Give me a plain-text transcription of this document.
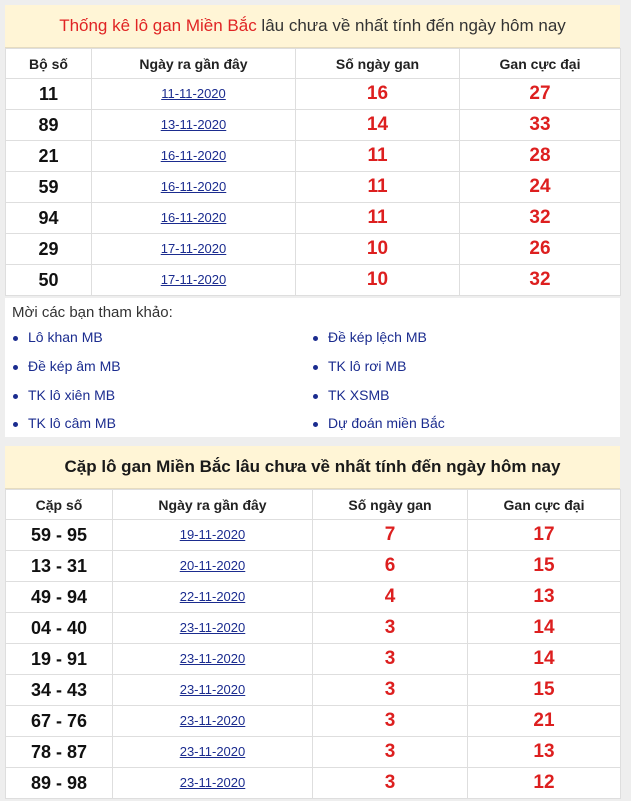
Thống kê lô gan Miền Bắc lâu chưa về nhất tính đến ngày hôm nay
Bộ số	Ngày ra gần đây	Số ngày gan	Gan cực đại
11	11-11-2020	16	27
89	13-11-2020	14	33
21	16-11-2020	11	28
59	16-11-2020	11	24
94	16-11-2020	11	32
29	17-11-2020	10	26
50	17-11-2020	10	32
Mời các bạn tham khảo:
Lô khan MB
Đề kép âm MB
TK lô xiên MB
TK lô câm MB
Đề kép lệch MB
TK lô rơi MB
TK XSMB
Dự đoán miền Bắc
Cặp lô gan Miền Bắc lâu chưa về nhất tính đến ngày hôm nay
Cặp số	Ngày ra gần đây	Số ngày gan	Gan cực đại
59 - 95	19-11-2020	7	17
13 - 31	20-11-2020	6	15
49 - 94	22-11-2020	4	13
04 - 40	23-11-2020	3	14
19 - 91	23-11-2020	3	14
34 - 43	23-11-2020	3	15
67 - 76	23-11-2020	3	21
78 - 87	23-11-2020	3	13
89 - 98	23-11-2020	3	12
